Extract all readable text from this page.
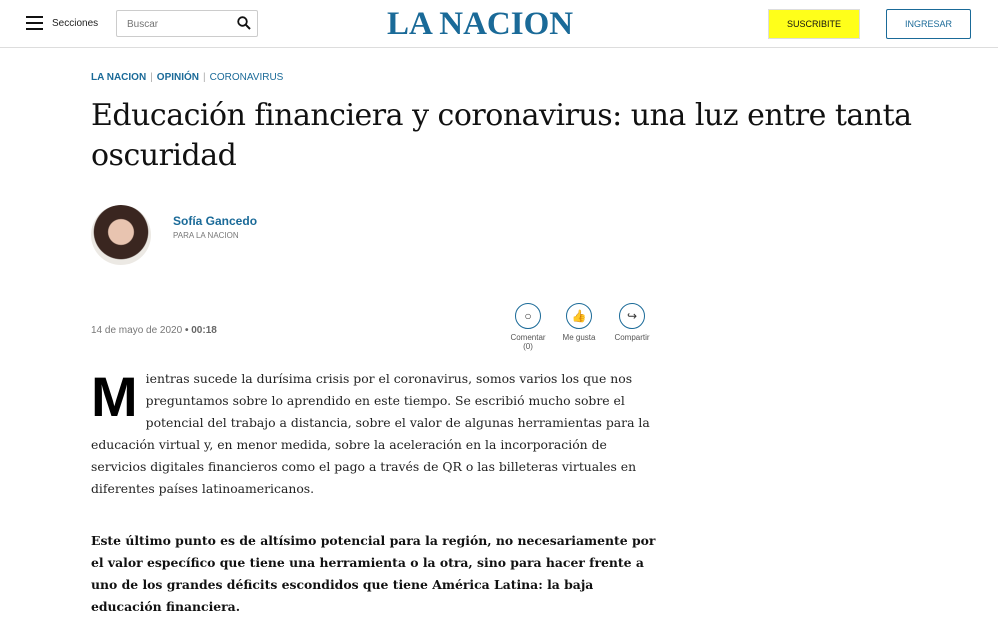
Secciones
Buscar	LA NACION	SUSCRIBITE	INGRESAR
LA NACION | OPINIÓN | CORONAVIRUS
Educación financiera y coronavirus: una luz entre tanta oscuridad
Sofía Gancedo
PARA LA NACION
14 de mayo de 2020 • 00:18
○
Comentar
(0)
👍
Me gusta
↪
Compartir
Mientras sucede la durísima crisis por el coronavirus, somos varios los que nos preguntamos sobre lo aprendido en este tiempo. Se escribió mucho sobre el potencial del trabajo a distancia, sobre el valor de algunas herramientas para la educación virtual y, en menor medida, sobre la aceleración en la incorporación de servicios digitales financieros como el pago a través de QR o las billeteras virtuales en diferentes países latinoamericanos.
Este último punto es de altísimo potencial para la región, no necesariamente por el valor específico que tiene una herramienta o la otra, sino para hacer frente a uno de los grandes déficits escondidos que tiene América Latina: la baja educación financiera.
